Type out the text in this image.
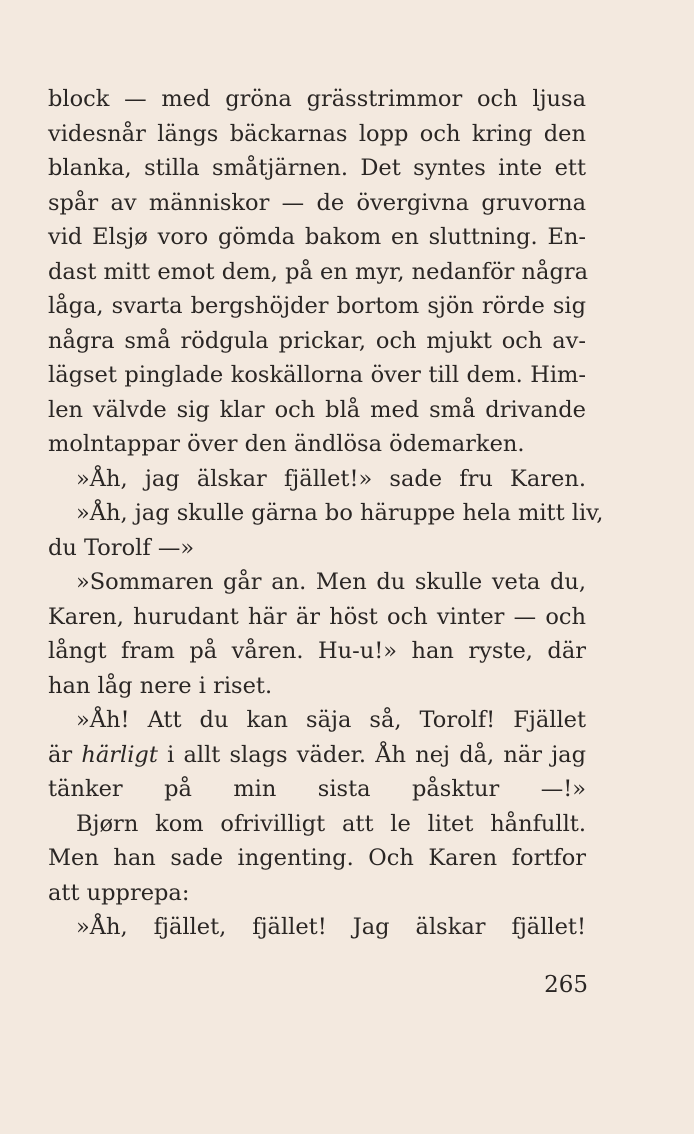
block — med gröna grässtrimmor och ljusa
videsnår längs bäckarnas lopp och kring den
blanka, stilla småtjärnen. Det syntes inte ett
spår av människor — de övergivna gruvorna
vid Elsjø voro gömda bakom en sluttning. En-
dast mitt emot dem, på en myr, nedanför några
låga, svarta bergshöjder bortom sjön rörde sig
några små rödgula prickar, och mjukt och av-
lägset pinglade koskällorna över till dem. Him-
len välvde sig klar och blå med små drivande
molntappar över den ändlösa ödemarken.
»Åh, jag älskar fjället!» sade fru Karen.
»Åh, jag skulle gärna bo häruppe hela mitt liv,
du Torolf —»
»Sommaren går an. Men du skulle veta du,
Karen, hurudant här är höst och vinter — och
långt fram på våren. Hu-u!» han ryste, där
han låg nere i riset.
»Åh! Att du kan säja så, Torolf! Fjället
är härligt i allt slags väder. Åh nej då, när jag
tänker på min sista påsktur —!»
Bjørn kom ofrivilligt att le litet hånfullt.
Men han sade ingenting. Och Karen fortfor
att upprepa:
»Åh, fjället, fjället! Jag älskar fjället!
265
